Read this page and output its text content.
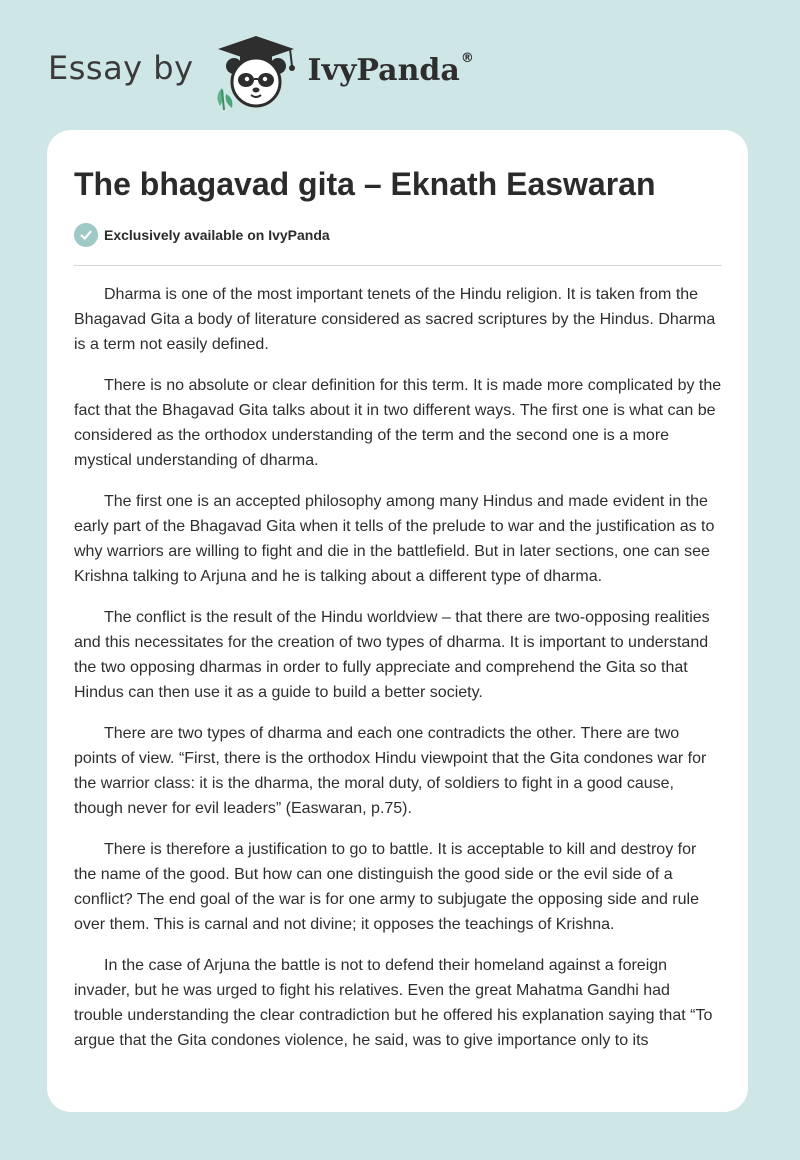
Essay by	IvyPanda®
The bhagavad gita – Eknath Easwaran
Exclusively available on IvyPanda

Dharma is one of the most important tenets of the Hindu religion. It is taken from the Bhagavad Gita a body of literature considered as sacred scriptures by the Hindus. Dharma is a term not easily defined.

There is no absolute or clear definition for this term. It is made more complicated by the fact that the Bhagavad Gita talks about it in two different ways. The first one is what can be considered as the orthodox understanding of the term and the second one is a more mystical understanding of dharma.

The first one is an accepted philosophy among many Hindus and made evident in the early part of the Bhagavad Gita when it tells of the prelude to war and the justification as to why warriors are willing to fight and die in the battlefield. But in later sections, one can see Krishna talking to Arjuna and he is talking about a different type of dharma.

The conflict is the result of the Hindu worldview – that there are two-opposing realities and this necessitates for the creation of two types of dharma. It is important to understand the two opposing dharmas in order to fully appreciate and comprehend the Gita so that Hindus can then use it as a guide to build a better society.

There are two types of dharma and each one contradicts the other. There are two points of view. “First, there is the orthodox Hindu viewpoint that the Gita condones war for the warrior class: it is the dharma, the moral duty, of soldiers to fight in a good cause, though never for evil leaders” (Easwaran, p.75).

There is therefore a justification to go to battle. It is acceptable to kill and destroy for the name of the good. But how can one distinguish the good side or the evil side of a conflict? The end goal of the war is for one army to subjugate the opposing side and rule over them. This is carnal and not divine; it opposes the teachings of Krishna.

In the case of Arjuna the battle is not to defend their homeland against a foreign invader, but he was urged to fight his relatives. Even the great Mahatma Gandhi had trouble understanding the clear contradiction but he offered his explanation saying that “To argue that the Gita condones violence, he said, was to give importance only to its
